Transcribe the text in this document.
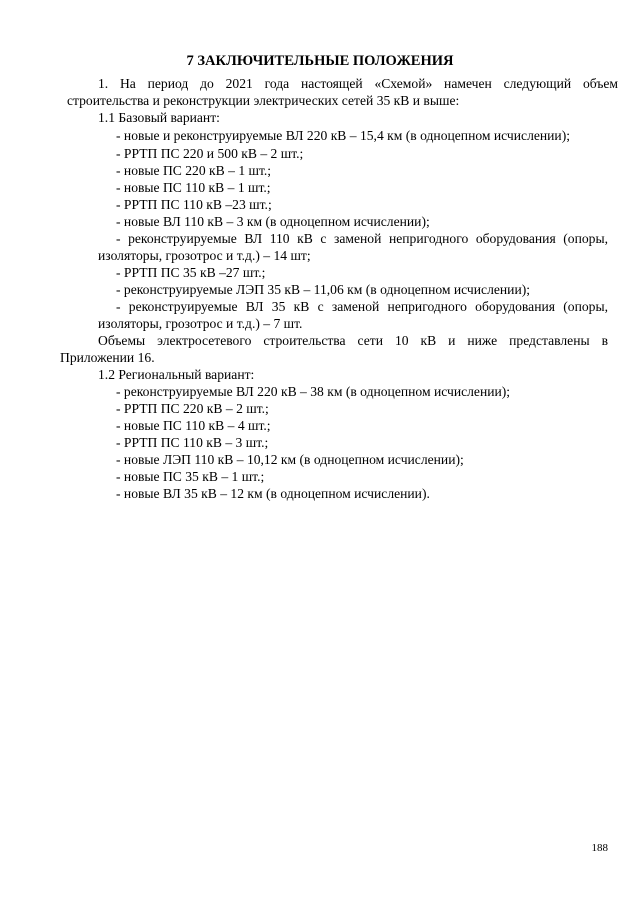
7 ЗАКЛЮЧИТЕЛЬНЫЕ ПОЛОЖЕНИЯ
1. На период до 2021 года настоящей «Схемой» намечен следующий объем
строительства и реконструкции электрических сетей 35 кВ и выше:
1.1 Базовый вариант:
- новые и реконструируемые ВЛ 220 кВ – 15,4 км (в одноцепном исчислении);
- РРТП ПС 220 и 500 кВ – 2 шт.;
- новые ПС 220 кВ – 1 шт.;
- новые ПС 110 кВ – 1 шт.;
- РРТП ПС 110 кВ –23 шт.;
- новые ВЛ 110 кВ – 3 км (в одноцепном исчислении);
- реконструируемые ВЛ 110 кВ с заменой непригодного оборудования (опоры,
изоляторы, грозотрос и т.д.) – 14 шт;
- РРТП ПС 35 кВ –27 шт.;
- реконструируемые ЛЭП 35 кВ – 11,06 км (в одноцепном исчислении);
- реконструируемые ВЛ 35 кВ с заменой непригодного оборудования (опоры,
изоляторы, грозотрос и т.д.) – 7 шт.
Объемы электросетевого строительства сети 10 кВ и ниже представлены в
Приложении 16.
1.2 Региональный вариант:
- реконструируемые ВЛ 220 кВ – 38 км (в одноцепном исчислении);
- РРТП ПС 220 кВ – 2 шт.;
- новые ПС 110 кВ – 4 шт.;
- РРТП ПС 110 кВ – 3 шт.;
- новые ЛЭП 110 кВ – 10,12 км (в одноцепном исчислении);
- новые ПС 35 кВ – 1 шт.;
- новые ВЛ 35 кВ – 12 км (в одноцепном исчислении).
188
